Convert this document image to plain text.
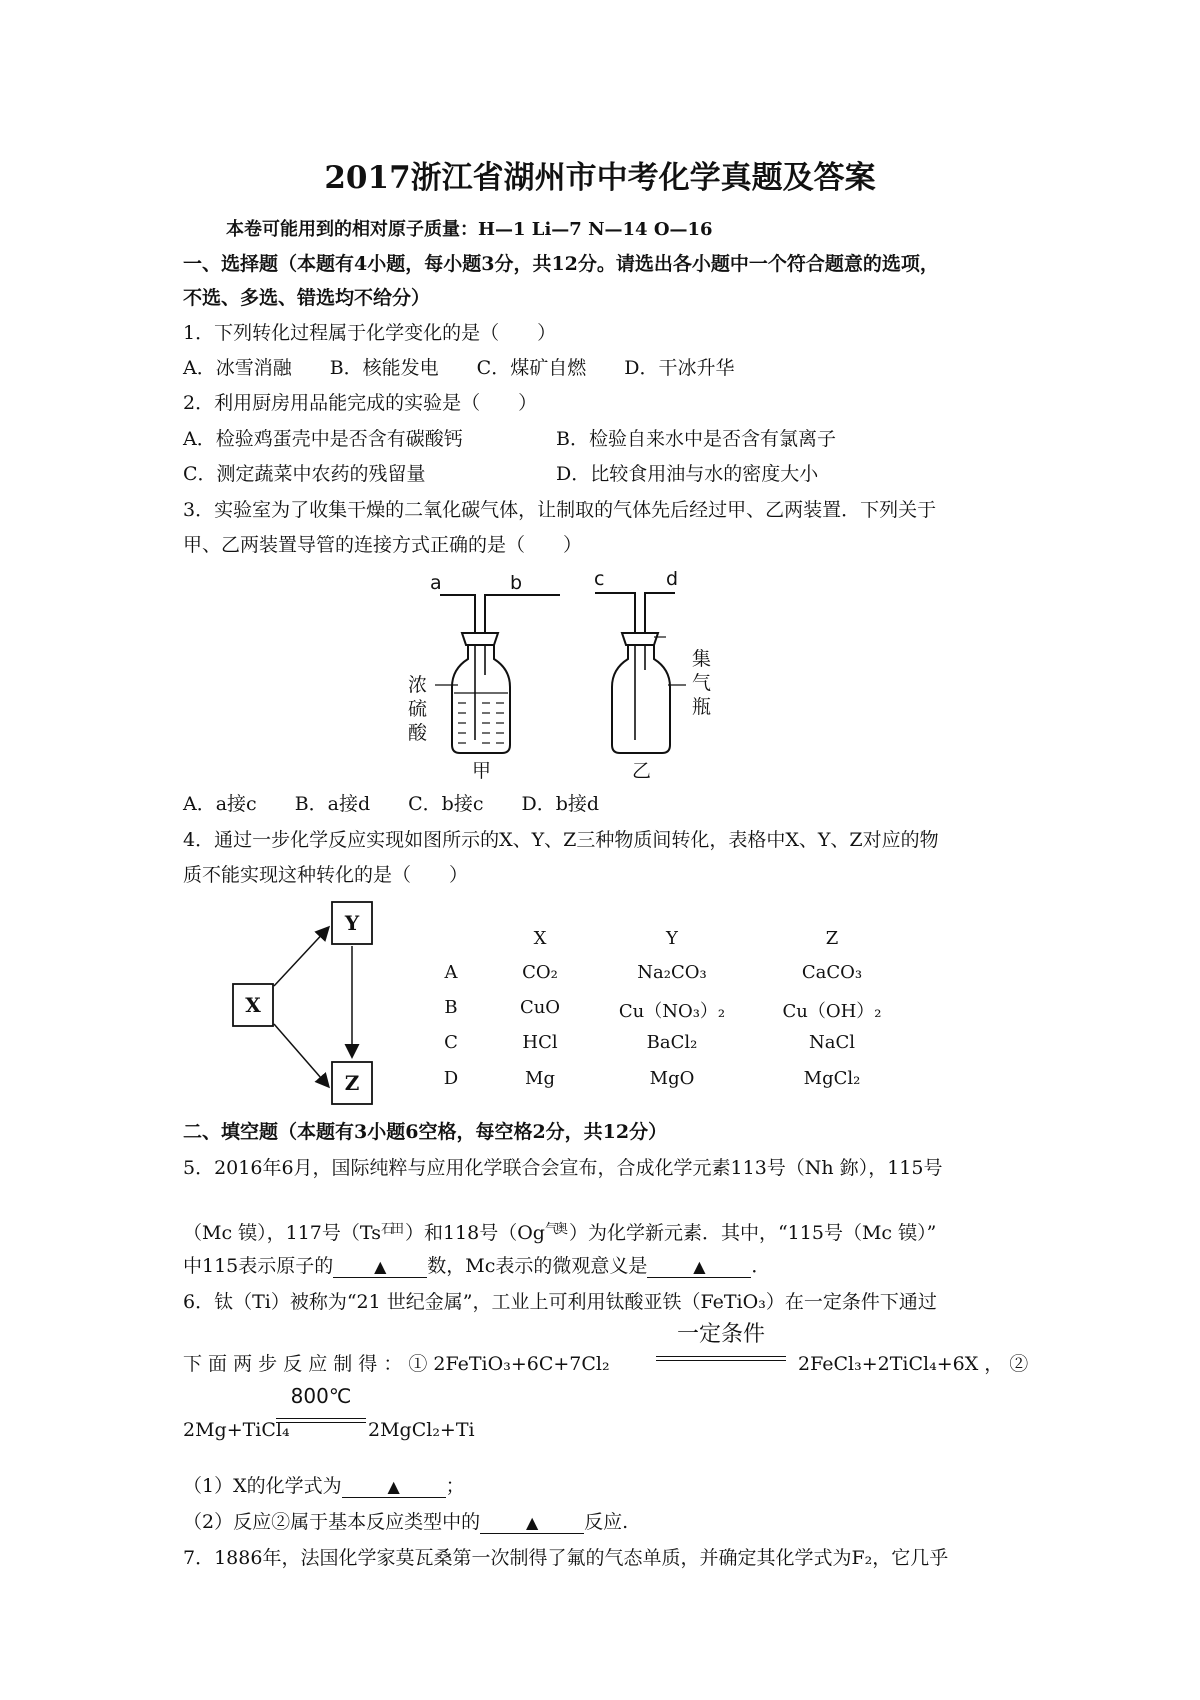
2017浙江省湖州市中考化学真题及答案
本卷可能用到的相对原子质量：H—1 Li—7 N—14 O—16
一、选择题（本题有4小题，每小题3分，共12分。请选出各小题中一个符合题意的选项，
不选、多选、错选均不给分）
1．下列转化过程属于化学变化的是（　　）
A．冰雪消融　　B．核能发电　　C．煤矿自燃　　D．干冰升华
2．利用厨房用品能完成的实验是（　　）
A．检验鸡蛋壳中是否含有碳酸钙	B．检验自来水中是否含有氯离子
C．测定蔬菜中农药的残留量	D．比较食用油与水的密度大小
3．实验室为了收集干燥的二氧化碳气体，让制取的气体先后经过甲、乙两装置．下列关于
甲、乙两装置导管的连接方式正确的是（　　）
a	b	c	d
浓
硫
酸
集
气
瓶
甲	乙
A．a接c　　B．a接d　　C．b接c　　D．b接d
4．通过一步化学反应实现如图所示的X、Y、Z三种物质间转化，表格中X、Y、Z对应的物
质不能实现这种转化的是（　　）
X
Y
Z
X	Y	Z
A	CO₂	Na₂CO₃	CaCO₃
B	CuO	Cu（NO₃）₂	Cu（OH）₂
C	HCl	BaCl₂	NaCl
D	Mg	MgO	MgCl₂
二、填空题（本题有3小题6空格，每空格2分，共12分）
5．2016年6月，国际纯粹与应用化学联合会宣布，合成化学元素113号（Nh 鉨），115号
（Mc 镆），117号（Ts石田 ）和118号（Og气奥 ）为化学新元素．其中，“115号（Mc 镆）”
中115表示原子的	▲ 数，Mc表示的微观意义是	▲ ．
6．钛（Ti）被称为“21 世纪金属”，工业上可利用钛酸亚铁（FeTiO₃）在一定条件下通过
下 面 两 步 反 应 制 得 ： ① 2FeTiO₃+6C+7Cl₂
一定条件
2FeCl₃+2TiCl₄+6X ， ②
2Mg+TiCl₄
800℃
2MgCl₂+Ti
（1）X的化学式为	▲ ；
（2）反应②属于基本反应类型中的	▲ 反应.
7．1886年，法国化学家莫瓦桑第一次制得了氟的气态单质，并确定其化学式为F₂，它几乎
